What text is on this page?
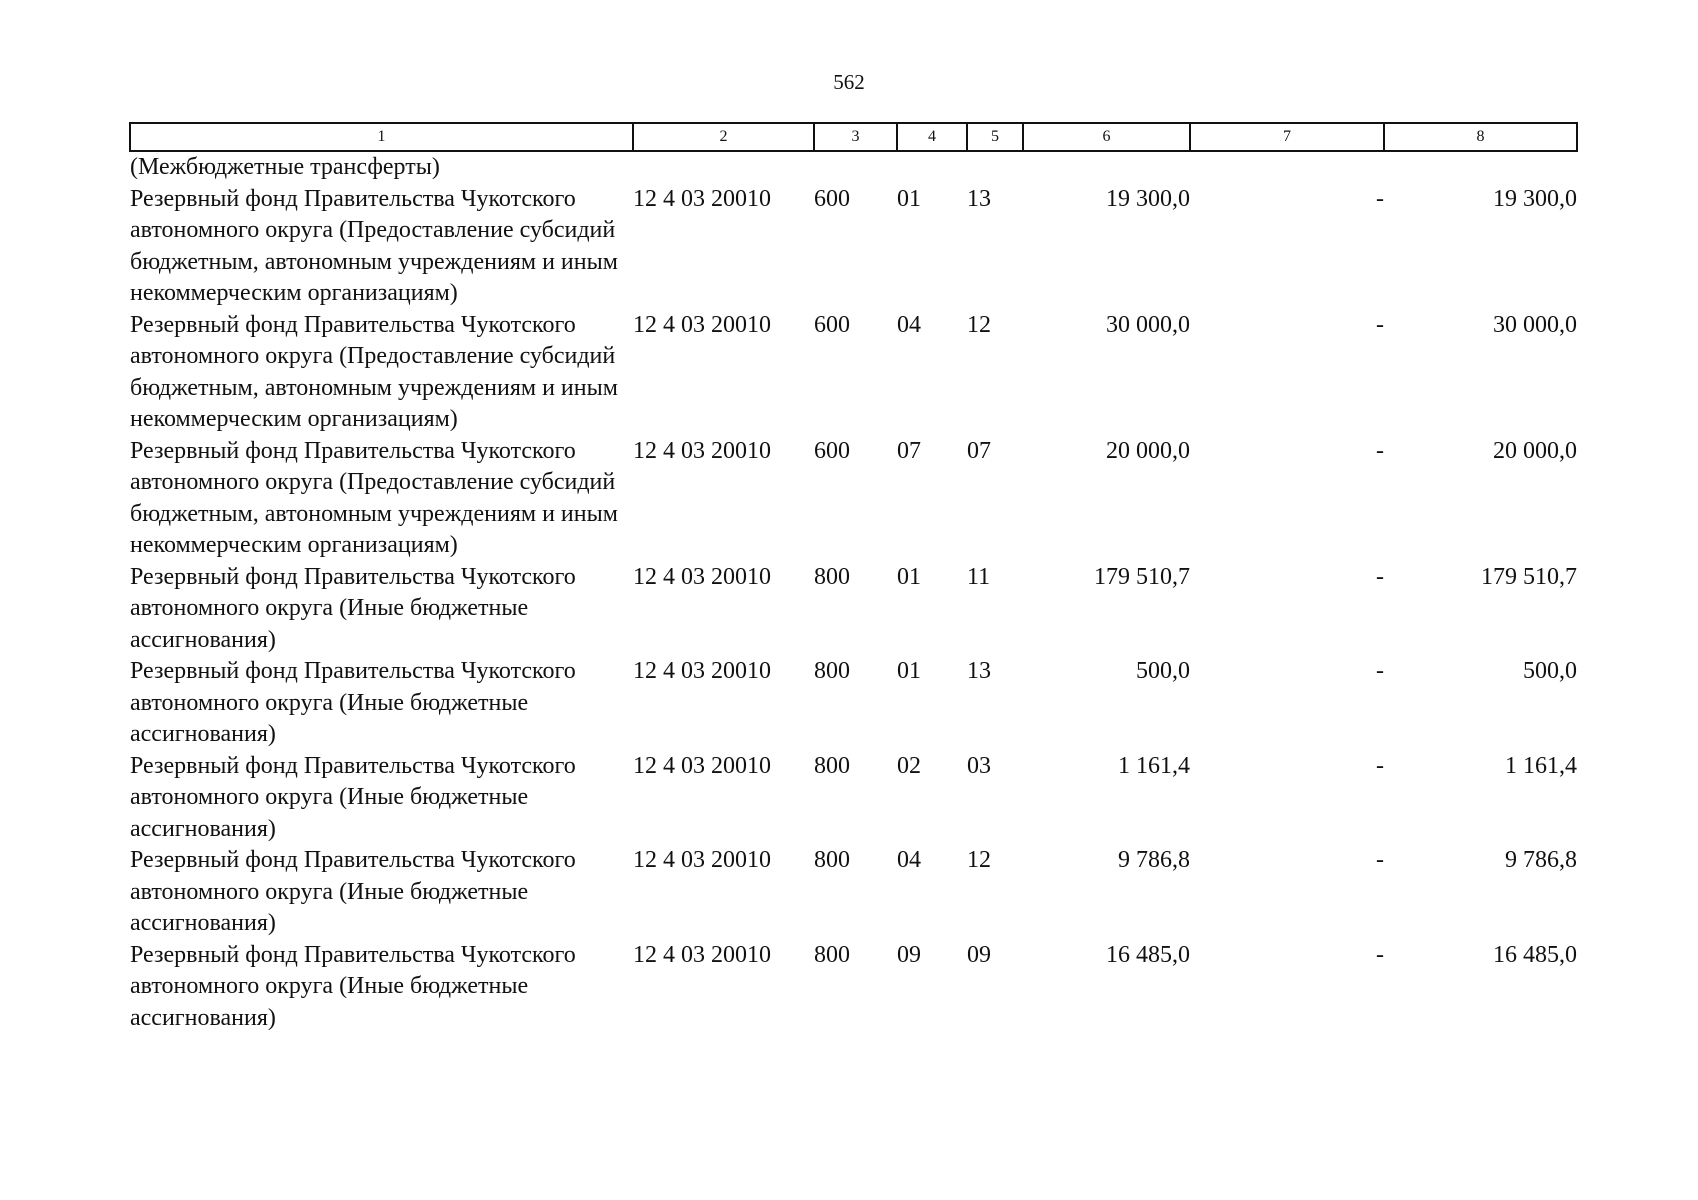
562
1	2	3	4	5	6	7	8
(Межбюджетные трансферты)							
Резервный фонд Правительства Чукотского автономного округа (Предоставление субсидий бюджетным, автономным учреждениям и иным некоммерческим организациям)	12 4 03 20010	600	01	13	19 300,0	-	19 300,0
Резервный фонд Правительства Чукотского автономного округа (Предоставление субсидий бюджетным, автономным учреждениям и иным некоммерческим организациям)	12 4 03 20010	600	04	12	30 000,0	-	30 000,0
Резервный фонд Правительства Чукотского автономного округа (Предоставление субсидий бюджетным, автономным учреждениям и иным некоммерческим организациям)	12 4 03 20010	600	07	07	20 000,0	-	20 000,0
Резервный фонд Правительства Чукотского автономного округа (Иные бюджетные ассигнования)	12 4 03 20010	800	01	11	179 510,7	-	179 510,7
Резервный фонд Правительства Чукотского автономного округа (Иные бюджетные ассигнования)	12 4 03 20010	800	01	13	500,0	-	500,0
Резервный фонд Правительства Чукотского автономного округа (Иные бюджетные ассигнования)	12 4 03 20010	800	02	03	1 161,4	-	1 161,4
Резервный фонд Правительства Чукотского автономного округа (Иные бюджетные ассигнования)	12 4 03 20010	800	04	12	9 786,8	-	9 786,8
Резервный фонд Правительства Чукотского автономного округа (Иные бюджетные ассигнования)	12 4 03 20010	800	09	09	16 485,0	-	16 485,0
